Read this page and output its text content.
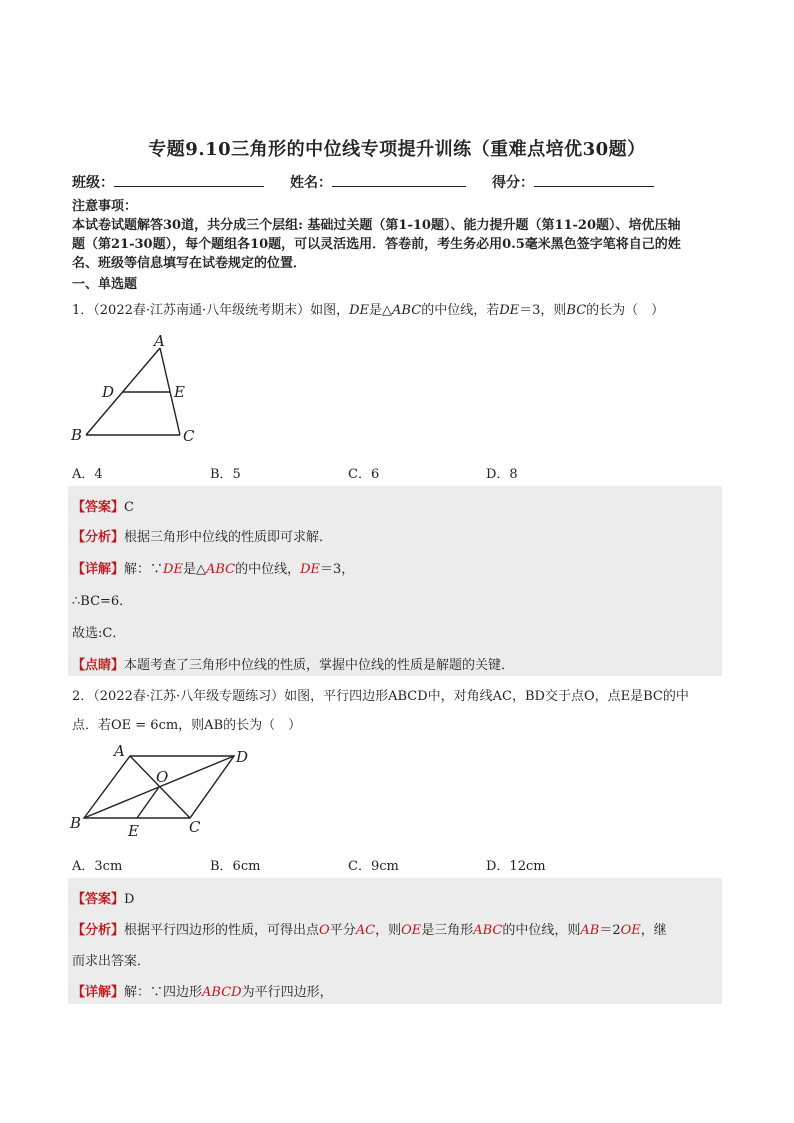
专题9.10三角形的中位线专项提升训练（重难点培优30题）
班级：	姓名：	得分：
注意事项：
本试卷试题解答30道，共分成三个层组: 基础过关题（第1-10题）、能力提升题（第11-20题）、培优压轴
题（第21-30题），每个题组各10题，可以灵活选用．答卷前，考生务必用0.5毫米黑色签字笔将自己的姓
名、班级等信息填写在试卷规定的位置．
一、单选题
1．（2022春·江苏南通·八年级统考期末）如图，DE是△ABC的中位线，若DE＝3，则BC的长为（　）
A
D	E
B	C
A．4	B．5	C．6	D．8
【答案】C
【分析】根据三角形中位线的性质即可求解．
【详解】解：∵DE是△ABC的中位线，DE＝3，
∴BC=6．
故选:C．
【点睛】本题考查了三角形中位线的性质，掌握中位线的性质是解题的关键．
2．（2022春·江苏·八年级专题练习）如图，平行四边形ABCD中，对角线AC，BD交于点O，点E是BC的中
点．若OE = 6cm，则AB的长为（　）
A	D
O
B	E	C
A．3cm	B．6cm	C．9cm	D．12cm
【答案】D
【分析】根据平行四边形的性质，可得出点O平分AC，则OE是三角形ABC的中位线，则AB＝2OE，继
而求出答案．
【详解】解：∵四边形ABCD为平行四边形，
